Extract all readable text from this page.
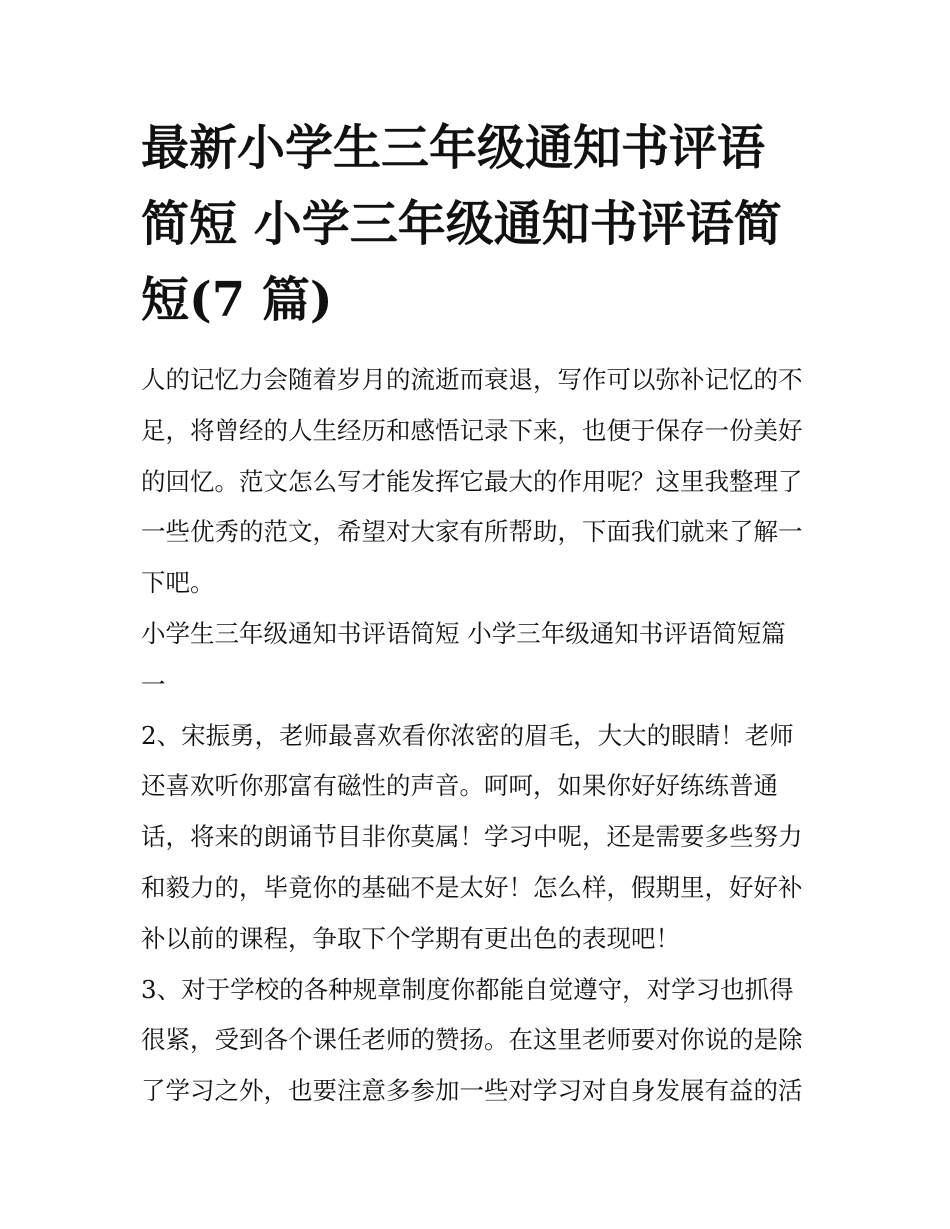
最新小学生三年级通知书评语
简短 小学三年级通知书评语简
短(7 篇)
人的记忆力会随着岁月的流逝而衰退，写作可以弥补记忆的不
足，将曾经的人生经历和感悟记录下来，也便于保存一份美好
的回忆。范文怎么写才能发挥它最大的作用呢？这里我整理了
一些优秀的范文，希望对大家有所帮助，下面我们就来了解一
下吧。
小学生三年级通知书评语简短 小学三年级通知书评语简短篇
一
2、宋振勇，老师最喜欢看你浓密的眉毛，大大的眼睛！老师
还喜欢听你那富有磁性的声音。呵呵，如果你好好练练普通
话，将来的朗诵节目非你莫属！学习中呢，还是需要多些努力
和毅力的，毕竟你的基础不是太好！怎么样，假期里，好好补
补以前的课程，争取下个学期有更出色的表现吧！
3、对于学校的各种规章制度你都能自觉遵守，对学习也抓得
很紧，受到各个课任老师的赞扬。在这里老师要对你说的是除
了学习之外，也要注意多参加一些对学习对自身发展有益的活
